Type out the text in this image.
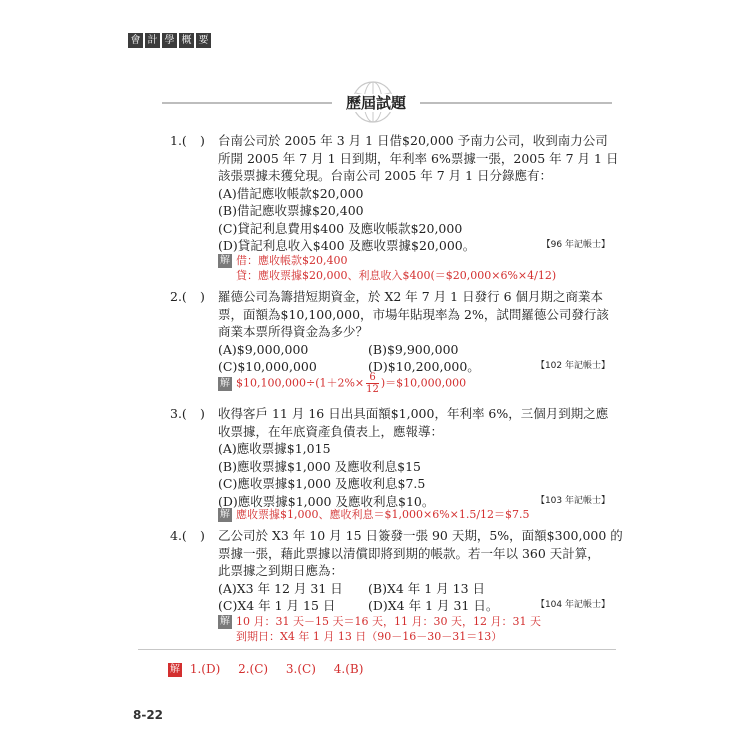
會 計 學 概 要
歷屆試題
1.( ) 台南公司於 2005 年 3 月 1 日借$20,000 予南力公司，收到南力公司
所開 2005 年 7 月 1 日到期，年利率 6%票據一張，2005 年 7 月 1 日
該張票據未獲兌現。台南公司 2005 年 7 月 1 日分錄應有：
(A)借記應收帳款$20,000
(B)借記應收票據$20,400
(C)貸記利息費用$400 及應收帳款$20,000
(D)貸記利息收入$400 及應收票據$20,000。	【96 年記帳士】
解 借：應收帳款$20,400
貸：應收票據$20,000、利息收入$400(＝$20,000×6%×4/12)
2.( ) 羅德公司為籌措短期資金，於 X2 年 7 月 1 日發行 6 個月期之商業本
票，面額為$10,100,000，市場年貼現率為 2%，試問羅德公司發行該
商業本票所得資金為多少？
(A)$9,000,000	(B)$9,900,000
(C)$10,000,000	(D)$10,200,000。	【102 年記帳士】
解 $10,100,000÷(1＋2%× $\frac{6}{12}$ )＝$10,000,000
3.( ) 收得客戶 11 月 16 日出具面額$1,000，年利率 6%，三個月到期之應
收票據，在年底資產負債表上，應報導：
(A)應收票據$1,015
(B)應收票據$1,000 及應收利息$15
(C)應收票據$1,000 及應收利息$7.5
(D)應收票據$1,000 及應收利息$10。	【103 年記帳士】
解 應收票據$1,000、應收利息＝$1,000×6%×1.5/12＝$7.5
4.( ) 乙公司於 X3 年 10 月 15 日簽發一張 90 天期，5%，面額$300,000 的
票據一張，藉此票據以清償即將到期的帳款。若一年以 360 天計算，
此票據之到期日應為：
(A)X3 年 12 月 31 日	(B)X4 年 1 月 13 日
(C)X4 年 1 月 15 日	(D)X4 年 1 月 31 日。	【104 年記帳士】
解 10 月：31 天－15 天＝16 天，11 月：30 天，12 月：31 天
到期日：X4 年 1 月 13 日（90－16－30－31＝13）
解 1.(D) 2.(C) 3.(C) 4.(B)
8-22
